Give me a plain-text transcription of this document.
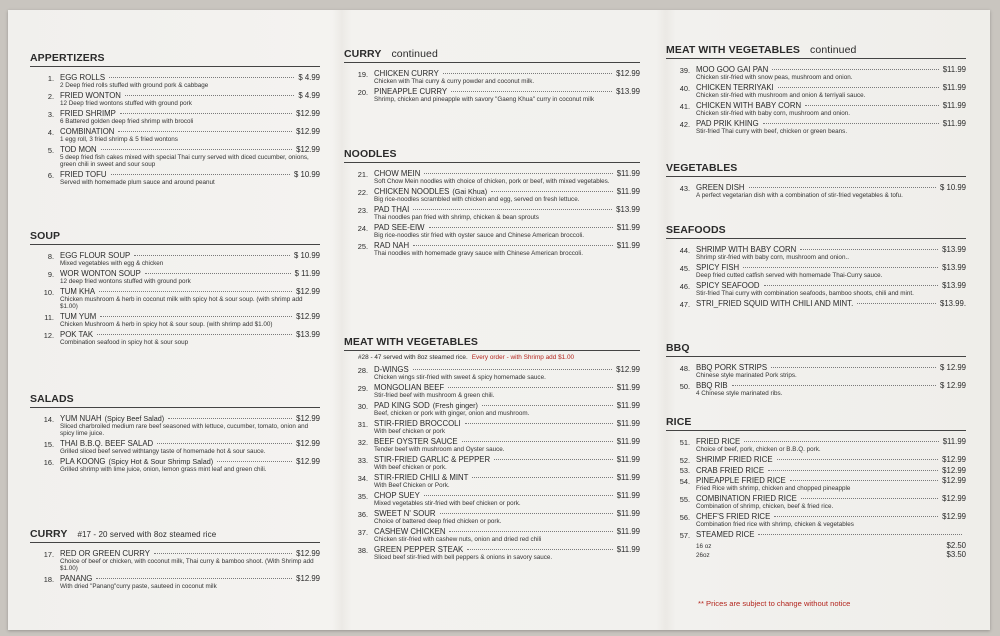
APPERTIZERS
1. EGG ROLLS	$ 4.99
2 Deep fried rolls stuffed with ground pork & cabbage
2. FRIED WONTON	$ 4.99
12 Deep fried wontons stuffed with ground pork
3. FRIED SHRIMP	$12.99
6 Battered golden deep fried shrimp with brocoli
4. COMBINATION	$12.99
1 egg roll, 3 fried shrimp & 5 fried wontons
5. TOD MON	$12.99
5 deep fried fish cakes mixed with special Thai curry served with diced cucumber, onions, green chili in sweet and sour soup
6. FRIED TOFU	$ 10.99
Served with homemade plum sauce and around peanut
SOUP
8. EGG FLOUR SOUP	$ 10.99
Mixed vegetables with egg & chicken
9. WOR WONTON SOUP	$ 11.99
12 deep fried wontons stuffed with ground pork
10. TUM KHA	$12.99
Chicken mushroom & herb in coconut milk with spicy hot & sour soup. (with shrimp add $1.00)
11. TUM YUM	$12.99
Chicken Mushroom & herb in spicy hot & sour soup. (with shrimp add $1.00)
12. POK TAK	$13.99
Combination seafood in spicy hot & sour soup
SALADS
14. YUM NUAH (Spicy Beef Salad)	$12.99
Sliced charbroiled medium rare beef seasoned with lettuce, cucumber, tomato, onion and spicy lime juice.
15. THAI B.B.Q. BEEF SALAD	$12.99
Grilled sliced beef served withtangy taste of homemade hot & sour sauce.
16. PLA KOONG (Spicy Hot & Sour Shrimp Salad)	$12.99
Grilled shrimp with lime juice, onion, lemon grass mint leaf and green chili.
CURRY #17 - 20 served with 8oz steamed rice
17. RED OR GREEN CURRY	$12.99
Choice of beef or chicken, with coconut milk, Thai curry & bamboo shoot. (With Shrimp add $1.00)
18. PANANG	$12.99
With dried "Panang"curry paste, sauteed in coconut milk
CURRY continued
19. CHICKEN CURRY	$12.99
Chicken with Thai curry & curry powder and coconut milk.
20. PINEAPPLE CURRY	$13.99
Shrimp, chicken and pineapple with savory "Gaeng Khua" curry in coconut milk
NOODLES
21. CHOW MEIN	$11.99
Soft Chow Mein noodles with choice of chicken, pork or beef, with mixed vegetables.
22. CHICKEN NOODLES (Gai Khua)	$11.99
Big rice-noodles scrambled with chicken and egg, served on fresh lettuce.
23. PAD THAI	$13.99
Thai noodles pan fried with shrimp, chicken & bean sprouts
24. PAD SEE-EIW	$11.99
Big rice-noodles stir fried with oyster sauce and Chinese American broccoli.
25. RAD NAH	$11.99
Thai noodles with homemade gravy sauce with Chinese American broccoli.
MEAT WITH VEGETABLES
#28 - 47 served with 8oz steamed rice. Every order - with Shrimp add $1.00
28. D-WINGS	$12.99
Chicken wings stir-fried with sweet & spicy homemade sauce.
29. MONGOLIAN BEEF	$11.99
Stir-fried beef with mushroom & green chili.
30. PAD KING SOD (Fresh ginger)	$11.99
Beef, chicken or pork with ginger, onion and mushroom.
31. STIR-FRIED BROCCOLI	$11.99
With beef chicken or pork
32. BEEF OYSTER SAUCE	$11.99
Tender beef with mushroom and Oyster sauce.
33. STIR-FRIED GARLIC & PEPPER	$11.99
With beef chicken or pork.
34. STIR-FRIED CHILI & MINT	$11.99
With Beef Chicken or Pork.
35. CHOP SUEY	$11.99
Mixed vegetables stir-fried with beef chicken or pork.
36. SWEET N' SOUR	$11.99
Choice of battered deep fried chicken or pork.
37. CASHEW CHICKEN	$11.99
Chicken stir-fried with cashew nuts, onion and dried red chili
38. GREEN PEPPER STEAK	$11.99
Sliced beef stir-fried with bell peppers & onions in savory sauce.
MEAT WITH VEGETABLES continued
39. MOO GOO GAI PAN	$11.99
Chicken stir-fried with snow peas, mushroom and onion.
40. CHICKEN TERRIYAKI	$11.99
Chicken stir-fried with mushroom and onion & terriyali sauce.
41. CHICKEN WITH BABY CORN	$11.99
Chicken stir-fried with baby corn, mushroom and onion.
42. PAD PRIK KHING	$11.99
Stir-fried Thai curry with beef, chicken or green beans.
VEGETABLES
43. GREEN DISH	$ 10.99
A perfect vegetarian dish with a combination of stir-fried vegetables & tofu.
SEAFOODS
44. SHRIMP WITH BABY CORN	$13.99
Shrimp stir-fried with baby corn, mushroom and onion..
45. SPICY FISH	$13.99
Deep fried cutted catfish served with homemade Thai-Curry sauce.
46. SPICY SEAFOOD	$13.99
Stir-fried Thai curry with combination seafoods, bamboo shoots, chili and mint.
47. STRI_FRIED SQUID WITH CHILI AND MINT.	$13.99.
BBQ
48. BBQ PORK STRIPS	$ 12.99
Chinese style marinated Pork strips.
50. BBQ RIB	$ 12.99
4 Chinese style marinated ribs.
RICE
51. FRIED RICE	$11.99
Choice of beef, pork, chicken or B.B.Q. pork.
52. SHRIMP FRIED RICE	$12.99
53. CRAB FRIED RICE	$12.99
54. PINEAPPLE FRIED RICE	$12.99
Fried Rice with shrimp, chicken and chopped pineapple
55. COMBINATION FRIED RICE	$12.99
Combination of shrimp, chicken, beef & fried rice.
56. CHEF'S FRIED RICE	$12.99
Combination fried rice with shrimp, chicken & vegetables
57. STEAMED RICE
16 oz	$2.50
26oz	$3.50
** Prices are subject to change without notice
